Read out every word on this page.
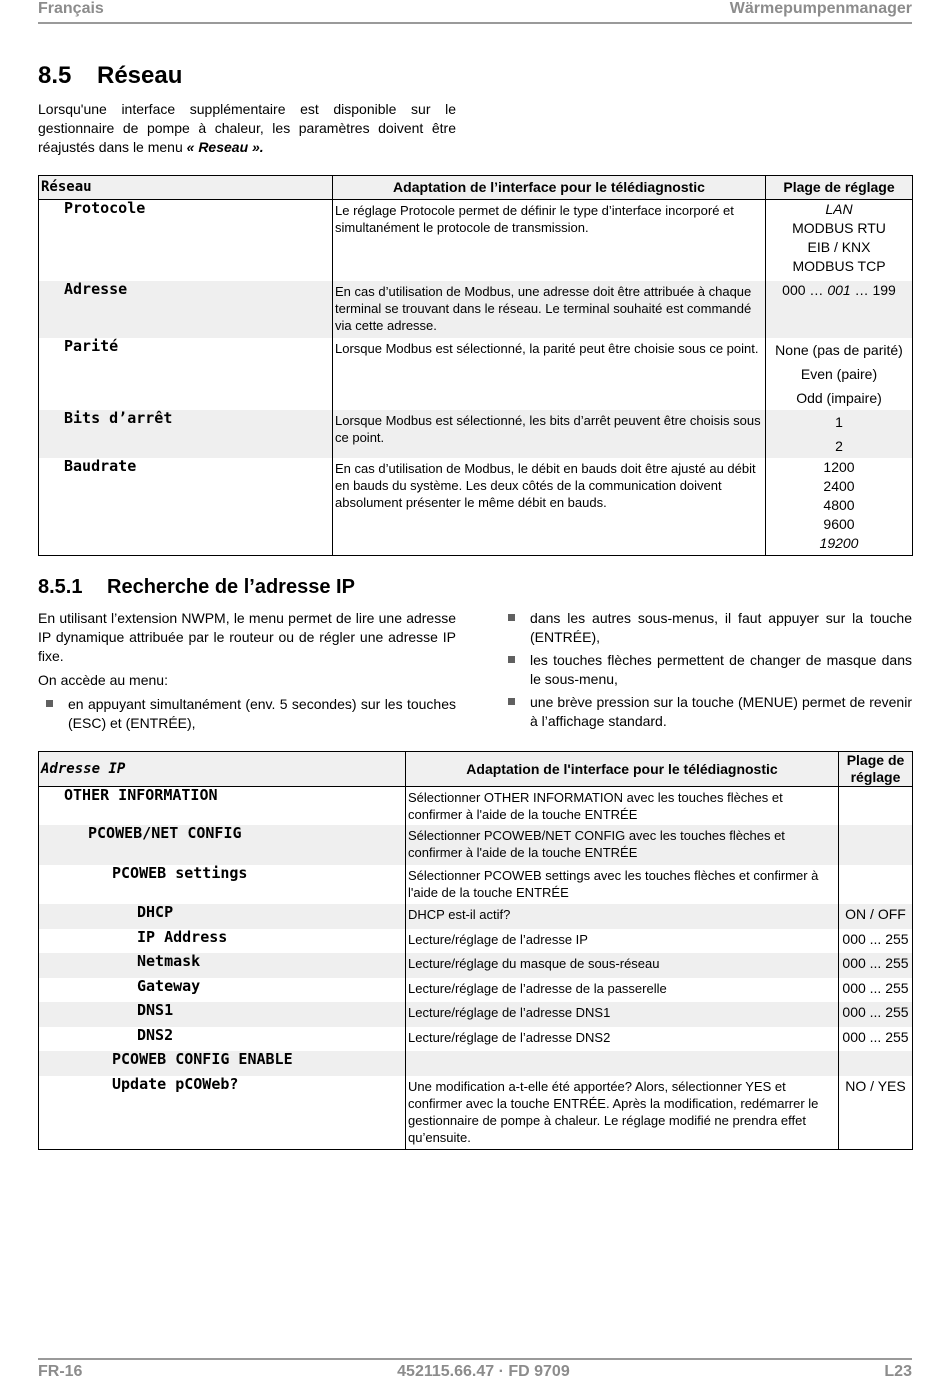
Français	Wärmepumpenmanager
8.5 Réseau

Lorsqu'une interface supplémentaire est disponible sur le gestionnaire de pompe à chaleur, les paramètres doivent être réajustés dans le menu « Reseau ».

Réseau	Adaptation de l’interface pour le télédiagnostic	Plage de réglage
Protocole	Le réglage Protocole permet de définir le type d’interface incorporé et simultanément le protocole de transmission.	LAN
MODBUS RTU
EIB / KNX
MODBUS TCP

Adresse	En cas d’utilisation de Modbus, une adresse doit être attribuée à chaque terminal se trouvant dans le réseau. Le terminal souhaité est commandé via cette adresse.	000 … 001 … 199
Parité	Lorsque Modbus est sélectionné, la parité peut être choisie sous ce point.	None (pas de parité)
Even (paire)
Odd (impaire)

Bits d’arrêt	Lorsque Modbus est sélectionné, les bits d’arrêt peuvent être choisis sous ce point.	1
2

Baudrate	En cas d’utilisation de Modbus, le débit en bauds doit être ajusté au débit en bauds du système. Les deux côtés de la communication doivent absolument présenter le même débit en bauds.	1200
2400
4800
9600
19200
8.5.1 Recherche de l’adresse IP

En utilisant l’extension NWPM, le menu permet de lire une adresse IP dynamique attribuée par le routeur ou de régler une adresse IP fixe.

On accède au menu:

en appuyant simultanément (env. 5 secondes) sur les touches (ESC) et (ENTRÉE),
dans les autres sous-menus, il faut appuyer sur la touche (ENTRÉE),
les touches flèches permettent de changer de masque dans le sous-menu,
une brève pression sur la touche (MENUE) permet de revenir à l’affichage standard.
Adresse IP	Adaptation de l'interface pour le télédiagnostic	Plage de réglage
OTHER INFORMATION	Sélectionner OTHER INFORMATION avec les touches flèches et confirmer à l'aide de la touche ENTRÉE	
PCOWEB/NET CONFIG	Sélectionner PCOWEB/NET CONFIG avec les touches flèches et confirmer à l'aide de la touche ENTRÉE	
PCOWEB settings	Sélectionner PCOWEB settings avec les touches flèches et confirmer à l'aide de la touche ENTRÉE	
DHCP	DHCP est-il actif?	ON / OFF
IP Address	Lecture/réglage de l’adresse IP	000 ... 255
Netmask	Lecture/réglage du masque de sous-réseau	000 ... 255
Gateway	Lecture/réglage de l’adresse de la passerelle	000 ... 255
DNS1	Lecture/réglage de l’adresse DNS1	000 ... 255
DNS2	Lecture/réglage de l’adresse DNS2	000 ... 255
PCOWEB CONFIG ENABLE		
Update pCOWeb?	Une modification a-t-elle été apportée? Alors, sélectionner YES et confirmer avec la touche ENTRÉE. Après la modification, redémarrer le gestionnaire de pompe à chaleur. Le réglage modifié ne prendra effet qu’ensuite.	NO / YES
FR-16	452115.66.47 · FD 9709	L23
